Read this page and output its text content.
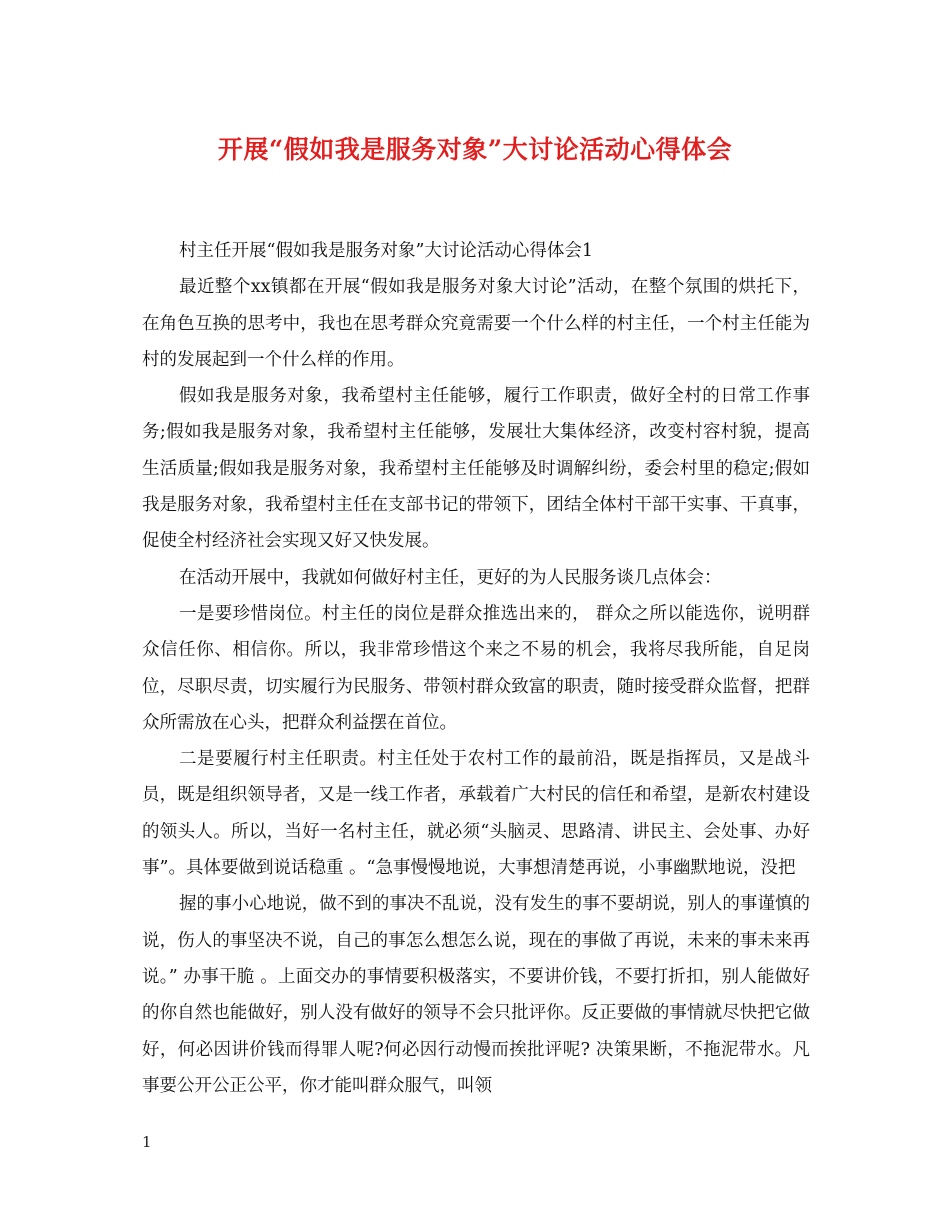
开展“假如我是服务对象”大讨论活动心得体会

村主任开展“假如我是服务对象”大讨论活动心得体会1

最近整个xx镇都在开展“假如我是服务对象大讨论”活动，在整个氛围的烘托下，在角色互换的思考中，我也在思考群众究竟需要一个什么样的村主任，一个村主任能为村的发展起到一个什么样的作用。

假如我是服务对象，我希望村主任能够，履行工作职责，做好全村的日常工作事务;假如我是服务对象，我希望村主任能够，发展壮大集体经济，改变村容村貌，提高生活质量;假如我是服务对象，我希望村主任能够及时调解纠纷，委会村里的稳定;假如我是服务对象，我希望村主任在支部书记的带领下，团结全体村干部干实事、干真事，促使全村经济社会实现又好又快发展。

在活动开展中，我就如何做好村主任，更好的为人民服务谈几点体会：

一是要珍惜岗位。村主任的岗位是群众推选出来的， 群众之所以能选你，说明群众信任你、相信你。所以，我非常珍惜这个来之不易的机会，我将尽我所能，自足岗位，尽职尽责，切实履行为民服务、带领村群众致富的职责，随时接受群众监督，把群众所需放在心头，把群众利益摆在首位。

二是要履行村主任职责。村主任处于农村工作的最前沿，既是指挥员，又是战斗员，既是组织领导者，又是一线工作者，承载着广大村民的信任和希望，是新农村建设的领头人。所以，当好一名村主任，就必须“头脑灵、思路清、讲民主、会处事、办好事”。具体要做到说话稳重 。“急事慢慢地说，大事想清楚再说，小事幽默地说，没把

握的事小心地说，做不到的事决不乱说，没有发生的事不要胡说，别人的事谨慎的说，伤人的事坚决不说，自己的事怎么想怎么说，现在的事做了再说，未来的事未来再说。” 办事干脆 。上面交办的事情要积极落实，不要讲价钱，不要打折扣，别人能做好的你自然也能做好，别人没有做好的领导不会只批评你。反正要做的事情就尽快把它做好，何必因讲价钱而得罪人呢?何必因行动慢而挨批评呢? 决策果断，不拖泥带水。凡事要公开公正公平，你才能叫群众服气，叫领

1
